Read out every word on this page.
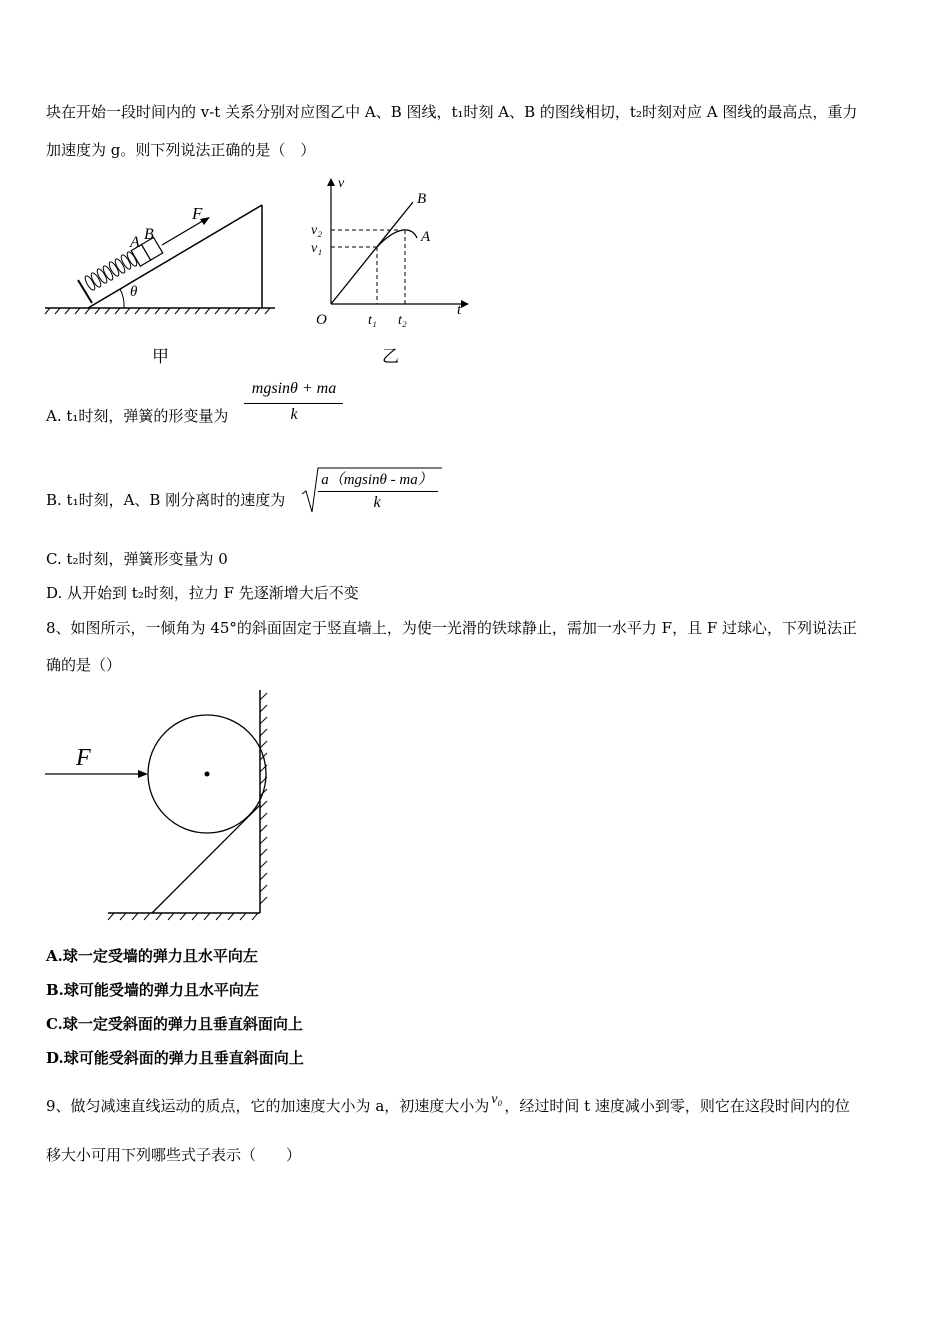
块在开始一段时间内的 v-t 关系分别对应图乙中 A、B 图线，t₁时刻 A、B 的图线相切，t₂时刻对应 A 图线的最高点，重力
加速度为 g。则下列说法正确的是（　）
F
A B
θ
甲
v
t
O
v₂
v₁
t₁ t₂
B
A
乙
A. t₁时刻，弹簧的形变量为
mgsinθ + ma
k
B. t₁时刻，A、B 刚分离时的速度为
a（mgsinθ - ma）
k
C. t₂时刻，弹簧形变量为 0
D. 从开始到 t₂时刻，拉力 F 先逐渐增大后不变
8、如图所示，一倾角为 45°的斜面固定于竖直墙上，为使一光滑的铁球静止，需加一水平力 F，且 F 过球心，下列说法正
确的是（）
F
A.球一定受墙的弹力且水平向左
B.球可能受墙的弹力且水平向左
C.球一定受斜面的弹力且垂直斜面向上
D.球可能受斜面的弹力且垂直斜面向上
9、做匀减速直线运动的质点，它的加速度大小为 a，初速度大小为 v₀ ，经过时间 t 速度减小到零，则它在这段时间内的位
移大小可用下列哪些式子表示（　　）
